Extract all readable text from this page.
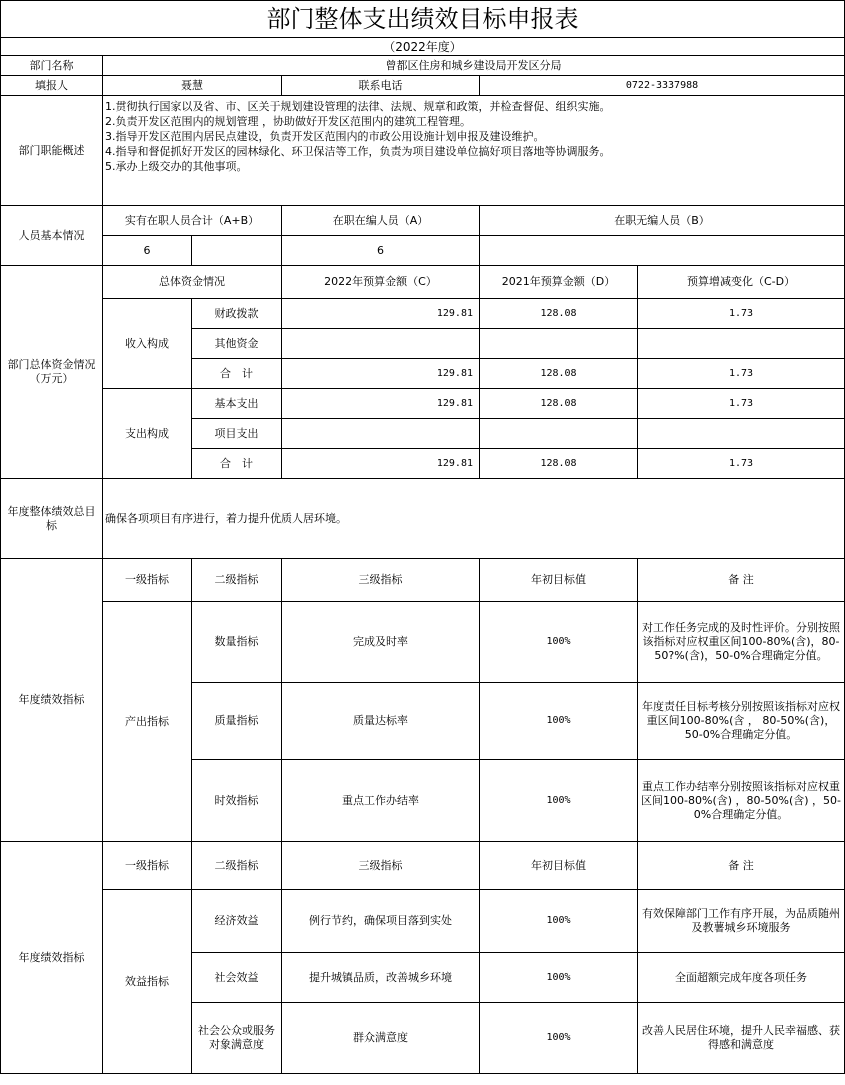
部门整体支出绩效目标申报表					
（2022年度）					
部门名称	曾都区住房和城乡建设局开发区分局				
填报人	聂慧		联系电话	0722-3337988	
部门职能概述	1.贯彻执行国家以及省、市、区关于规划建设管理的法律、法规、规章和政策，并检查督促、组织实施。
2.负责开发区范围内的规划管理 ，协助做好开发区范围内的建筑工程管理。
3.指导开发区范围内居民点建设，负责开发区范围内的市政公用设施计划申报及建设维护。
4.指导和督促抓好开发区的园林绿化、环卫保洁等工作，负责为项目建设单位搞好项目落地等协调服务。
5.承办上级交办的其他事项。				

人员基本情况	实有在职人员合计（A+B）		在职在编人员（A）	在职无编人员（B）	
	6		6		
部门总体资金情况（万元）	总体资金情况		2022年预算金额（C）	2021年预算金额（D）	预算增减变化（C-D）
	收入构成	财政拨款	129.81	128.08	1.73
		其他资金			
		合　计	129.81	128.08	1.73
	支出构成	基本支出	129.81	128.08	1.73
		项目支出			
		合　计	129.81	128.08	1.73
年度整体绩效总目标	确保各项项目有序进行，着力提升优质人居环境。				
年度绩效指标	一级指标	二级指标	三级指标	年初目标值	备 注
	产出指标	数量指标	完成及时率	100%	对工作任务完成的及时性评价。分别按照该指标对应权重区间100-80%(含)，80-50?%(含)，50-0%合理确定分值。
		质量指标	质量达标率	100%	年度责任目标考核分别按照该指标对应权重区间100-80%(含 ， 80-50%(含)，50-0%合理确定分值。
		时效指标	重点工作办结率	100%	重点工作办结率分别按照该指标对应权重区间100-80%(含) ，80-50%(含) ，50-0%合理确定分值。
年度绩效指标	一级指标	二级指标	三级指标	年初目标值	备 注
	效益指标	经济效益	例行节约，确保项目落到实处	100%	有效保障部门工作有序开展，为品质随州及教薯城乡环境服务
		社会效益	提升城镇品质，改善城乡环境	100%	全面超额完成年度各项任务
		社会公众或服务对象满意度	群众满意度	100%	改善人民居住环境，提升人民幸福感、获得感和满意度
